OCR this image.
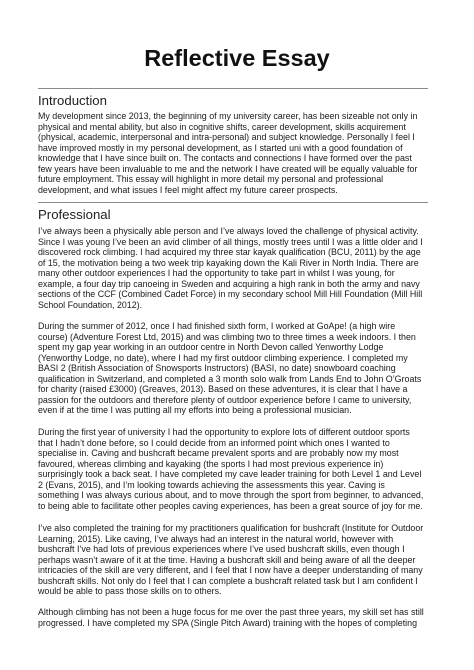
Reflective Essay
Introduction
My development since 2013, the beginning of my university career, has been sizeable not only in
physical and mental ability, but also in cognitive shifts, career development, skills acquirement
(physical, academic, interpersonal and intra-personal) and subject knowledge. Personally I feel I
have improved mostly in my personal development, as I started uni with a good foundation of
knowledge that I have since built on. The contacts and connections I have formed over the past
few years have been invaluable to me and the network I have created will be equally valuable for
future employment. This essay will highlight in more detail my personal and professional
development, and what issues I feel might affect my future career prospects.
Professional
I’ve always been a physically able person and I’ve always loved the challenge of physical activity.
Since I was young I’ve been an avid climber of all things, mostly trees until I was a little older and I
discovered rock climbing. I had acquired my three star kayak qualification (BCU, 2011) by the age
of 15, the motivation being a two week trip kayaking down the Kali River in North India. There are
many other outdoor experiences I had the opportunity to take part in whilst I was young, for
example, a four day trip canoeing in Sweden and acquiring a high rank in both the army and navy
sections of the CCF (Combined Cadet Force) in my secondary school Mill Hill Foundation (Mill Hill
School Foundation, 2012).
During the summer of 2012, once I had finished sixth form, I worked at GoApe! (a high wire
course) (Adventure Forest Ltd, 2015) and was climbing two to three times a week indoors. I then
spent my gap year working in an outdoor centre in North Devon called Yenworthy Lodge
(Yenworthy Lodge, no date), where I had my first outdoor climbing experience. I completed my
BASI 2 (British Association of Snowsports Instructors) (BASI, no date) snowboard coaching
qualification in Switzerland, and completed a 3 month solo walk from Lands End to John O’Groats
for charity (raised £3000) (Greaves, 2013). Based on these adventures, it is clear that I have a
passion for the outdoors and therefore plenty of outdoor experience before I came to university,
even if at the time I was putting all my efforts into being a professional musician.
During the first year of university I had the opportunity to explore lots of different outdoor sports
that I hadn’t done before, so I could decide from an informed point which ones I wanted to
specialise in. Caving and bushcraft became prevalent sports and are probably now my most
favoured, whereas climbing and kayaking (the sports I had most previous experience in)
surprisingly took a back seat. I have completed my cave leader training for both Level 1 and Level
2 (Evans, 2015), and I’m looking towards achieving the assessments this year. Caving is
something I was always curious about, and to move through the sport from beginner, to advanced,
to being able to facilitate other peoples caving experiences, has been a great source of joy for me.
I’ve also completed the training for my practitioners qualification for bushcraft (Institute for Outdoor
Learning, 2015). Like caving, I’ve always had an interest in the natural world, however with
bushcraft I’ve had lots of previous experiences where I’ve used bushcraft skills, even though I
perhaps wasn’t aware of it at the time. Having a bushcraft skill and being aware of all the deeper
intricacies of the skill are very different, and I feel that I now have a deeper understanding of many
bushcraft skills. Not only do I feel that I can complete a bushcraft related task but I am confident I
would be able to pass those skills on to others.
Although climbing has not been a huge focus for me over the past three years, my skill set has still
progressed. I have completed my SPA (Single Pitch Award) training with the hopes of completing
